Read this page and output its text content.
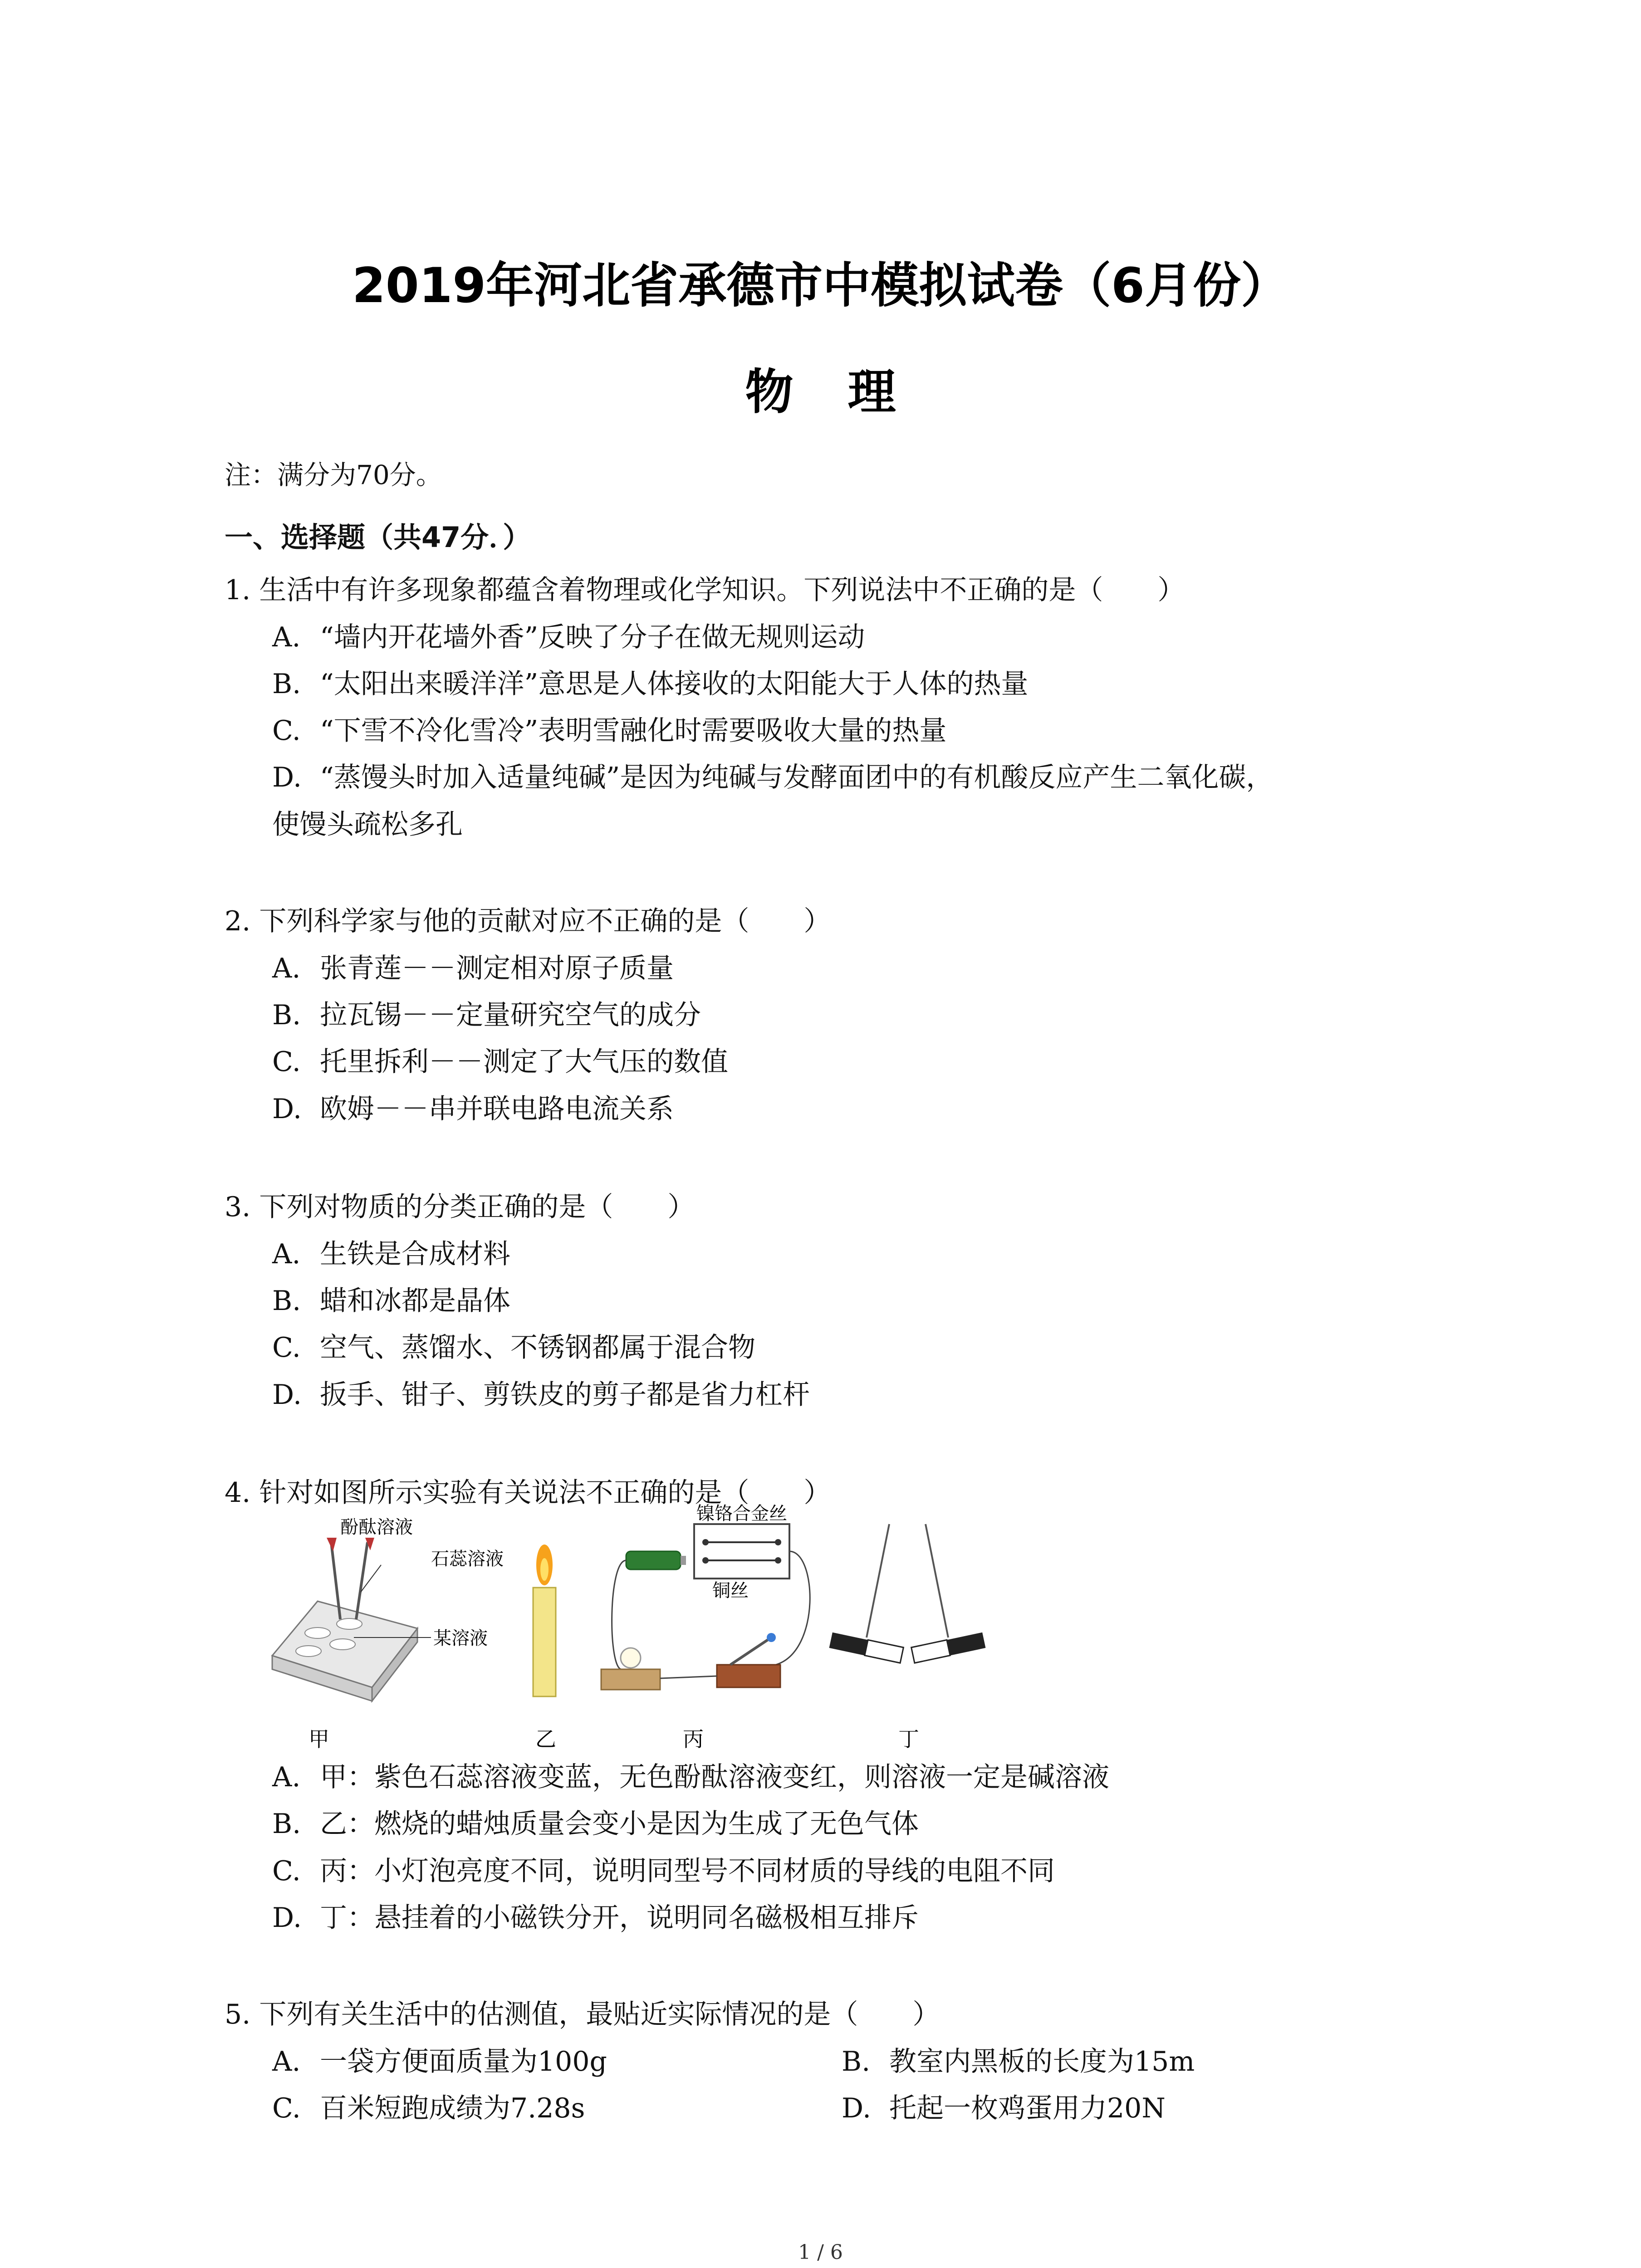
2019年河北省承德市中模拟试卷（6月份）
物理
注：满分为70分。
一、选择题（共47分．）
1. 生活中有许多现象都蕴含着物理或化学知识。下列说法中不正确的是（　　）
A. “墙内开花墙外香”反映了分子在做无规则运动
B. “太阳出来暖洋洋”意思是人体接收的太阳能大于人体的热量
C. “下雪不冷化雪冷”表明雪融化时需要吸收大量的热量
D. “蒸馒头时加入适量纯碱”是因为纯碱与发酵面团中的有机酸反应产生二氧化碳，
使馒头疏松多孔
2. 下列科学家与他的贡献对应不正确的是（　　）
A. 张青莲－－测定相对原子质量
B. 拉瓦锡－－定量研究空气的成分
C. 托里拆利－－测定了大气压的数值
D. 欧姆－－串并联电路电流关系
3. 下列对物质的分类正确的是（　　）
A. 生铁是合成材料
B. 蜡和冰都是晶体
C. 空气、蒸馏水、不锈钢都属于混合物
D. 扳手、钳子、剪铁皮的剪子都是省力杠杆
4. 针对如图所示实验有关说法不正确的是（　　）
酚酞溶液
石蕊溶液
某溶液
镍铬合金丝
铜丝
甲	乙	丙	丁
A. 甲：紫色石蕊溶液变蓝，无色酚酞溶液变红，则溶液一定是碱溶液
B. 乙：燃烧的蜡烛质量会变小是因为生成了无色气体
C. 丙：小灯泡亮度不同，说明同型号不同材质的导线的电阻不同
D. 丁：悬挂着的小磁铁分开，说明同名磁极相互排斥
5. 下列有关生活中的估测值，最贴近实际情况的是（　　）
A. 一袋方便面质量为100g	B. 教室内黑板的长度为15m
C. 百米短跑成绩为7.28s	D. 托起一枚鸡蛋用力20N
1 / 6
